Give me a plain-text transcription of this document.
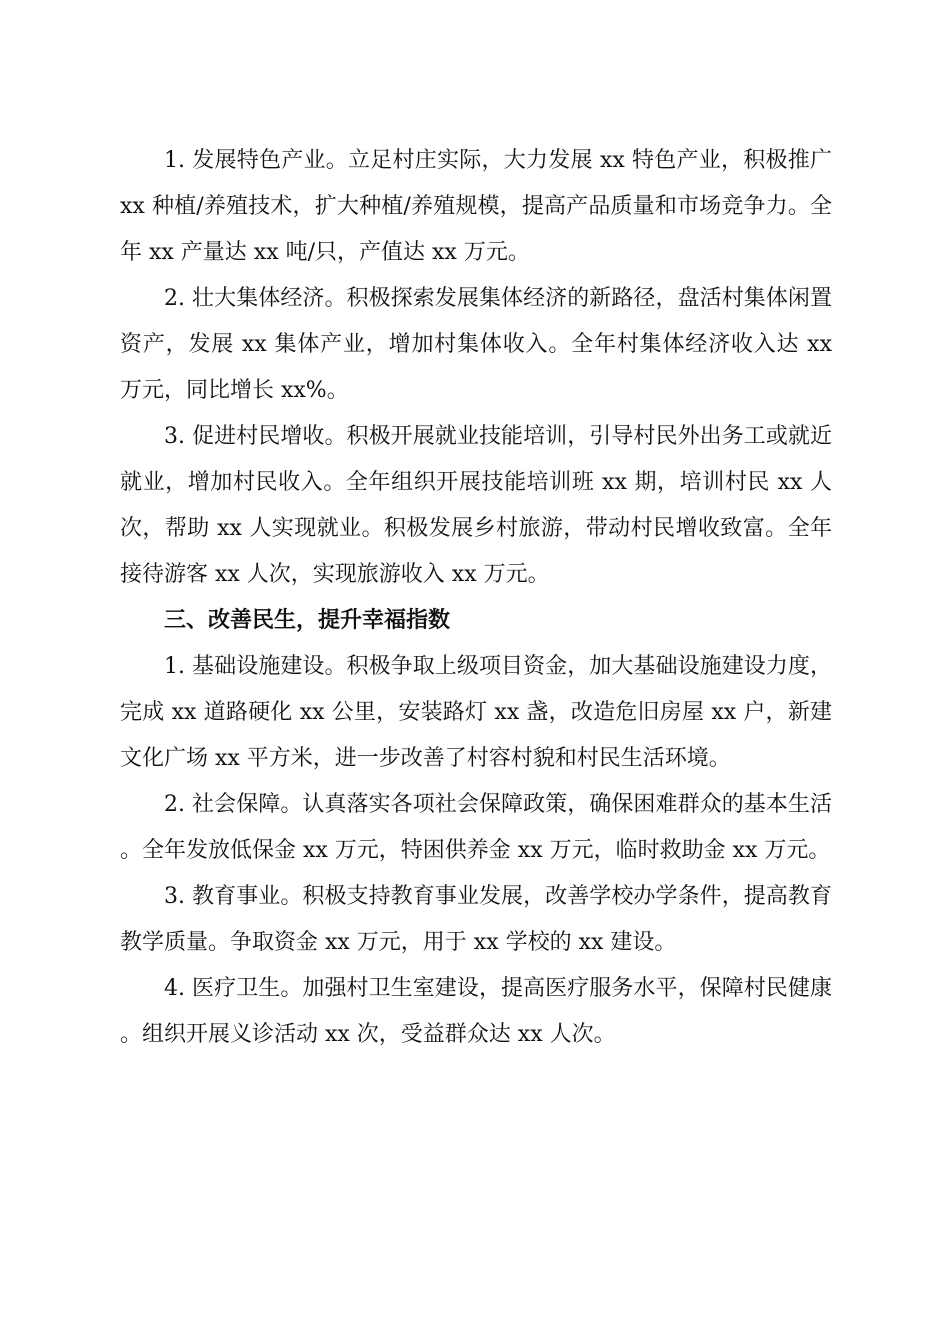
1. 发展特色产业。立足村庄实际，大力发展 xx 特色产业，积极推广 xx 种植/养殖技术，扩大种植/养殖规模，提高产品质量和市场竞争力。全年 xx 产量达 xx 吨/只，产值达 xx 万元。

2. 壮大集体经济。积极探索发展集体经济的新路径，盘活村集体闲置资产，发展 xx 集体产业，增加村集体收入。全年村集体经济收入达 xx 万元，同比增长 xx%。

3. 促进村民增收。积极开展就业技能培训，引导村民外出务工或就近就业，增加村民收入。全年组织开展技能培训班 xx 期，培训村民 xx 人次，帮助 xx 人实现就业。积极发展乡村旅游，带动村民增收致富。全年接待游客 xx 人次，实现旅游收入 xx 万元。

三、改善民生，提升幸福指数

1. 基础设施建设。积极争取上级项目资金，加大基础设施建设力度，完成 xx 道路硬化 xx 公里，安装路灯 xx 盏，改造危旧房屋 xx 户，新建文化广场 xx 平方米，进一步改善了村容村貌和村民生活环境。

2. 社会保障。认真落实各项社会保障政策，确保困难群众的基本生活。全年发放低保金 xx 万元，特困供养金 xx 万元，临时救助金 xx 万元。

3. 教育事业。积极支持教育事业发展，改善学校办学条件，提高教育教学质量。争取资金 xx 万元，用于 xx 学校的 xx 建设。

4. 医疗卫生。加强村卫生室建设，提高医疗服务水平，保障村民健康。组织开展义诊活动 xx 次，受益群众达 xx 人次。
